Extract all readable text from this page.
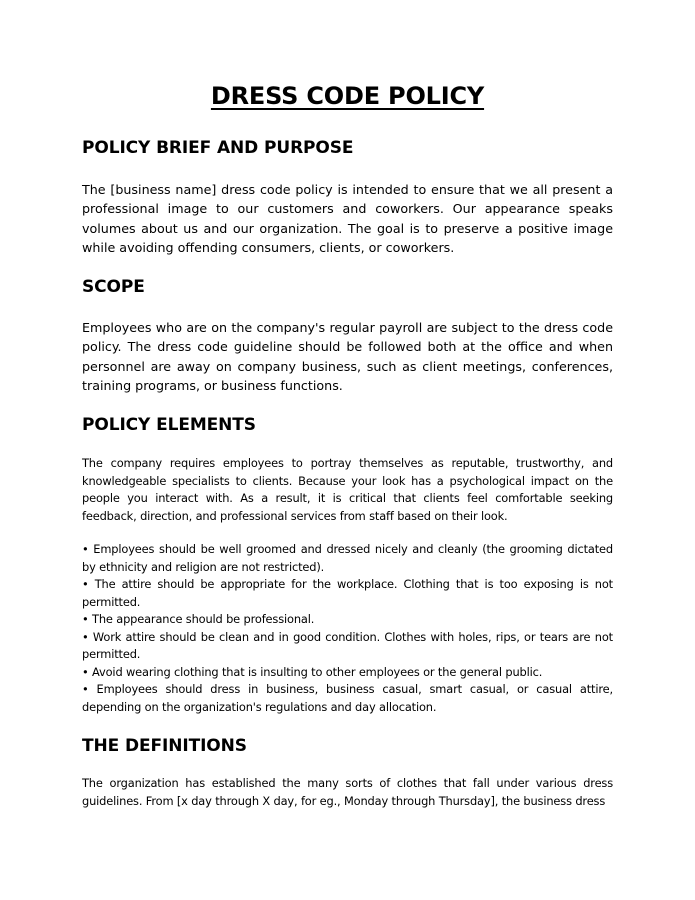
DRESS CODE POLICY
POLICY BRIEF AND PURPOSE

The [business name] dress code policy is intended to ensure that we all present a professional image to our customers and coworkers. Our appearance speaks volumes about us and our organization. The goal is to preserve a positive image while avoiding offending consumers, clients, or coworkers.

SCOPE

Employees who are on the company's regular payroll are subject to the dress code policy. The dress code guideline should be followed both at the office and when personnel are away on company business, such as client meetings, conferences, training programs, or business functions.

POLICY ELEMENTS

The company requires employees to portray themselves as reputable, trustworthy, and knowledgeable specialists to clients. Because your look has a psychological impact on the people you interact with. As a result, it is critical that clients feel comfortable seeking feedback, direction, and professional services from staff based on their look.

• Employees should be well groomed and dressed nicely and cleanly (the grooming dictated by ethnicity and religion are not restricted).
• The attire should be appropriate for the workplace. Clothing that is too exposing is not permitted.
• The appearance should be professional.
• Work attire should be clean and in good condition. Clothes with holes, rips, or tears are not permitted.
• Avoid wearing clothing that is insulting to other employees or the general public.
• Employees should dress in business, business casual, smart casual, or casual attire, depending on the organization's regulations and day allocation.
THE DEFINITIONS

The organization has established the many sorts of clothes that fall under various dress guidelines. From [x day through X day, for eg., Monday through Thursday], the business dress
